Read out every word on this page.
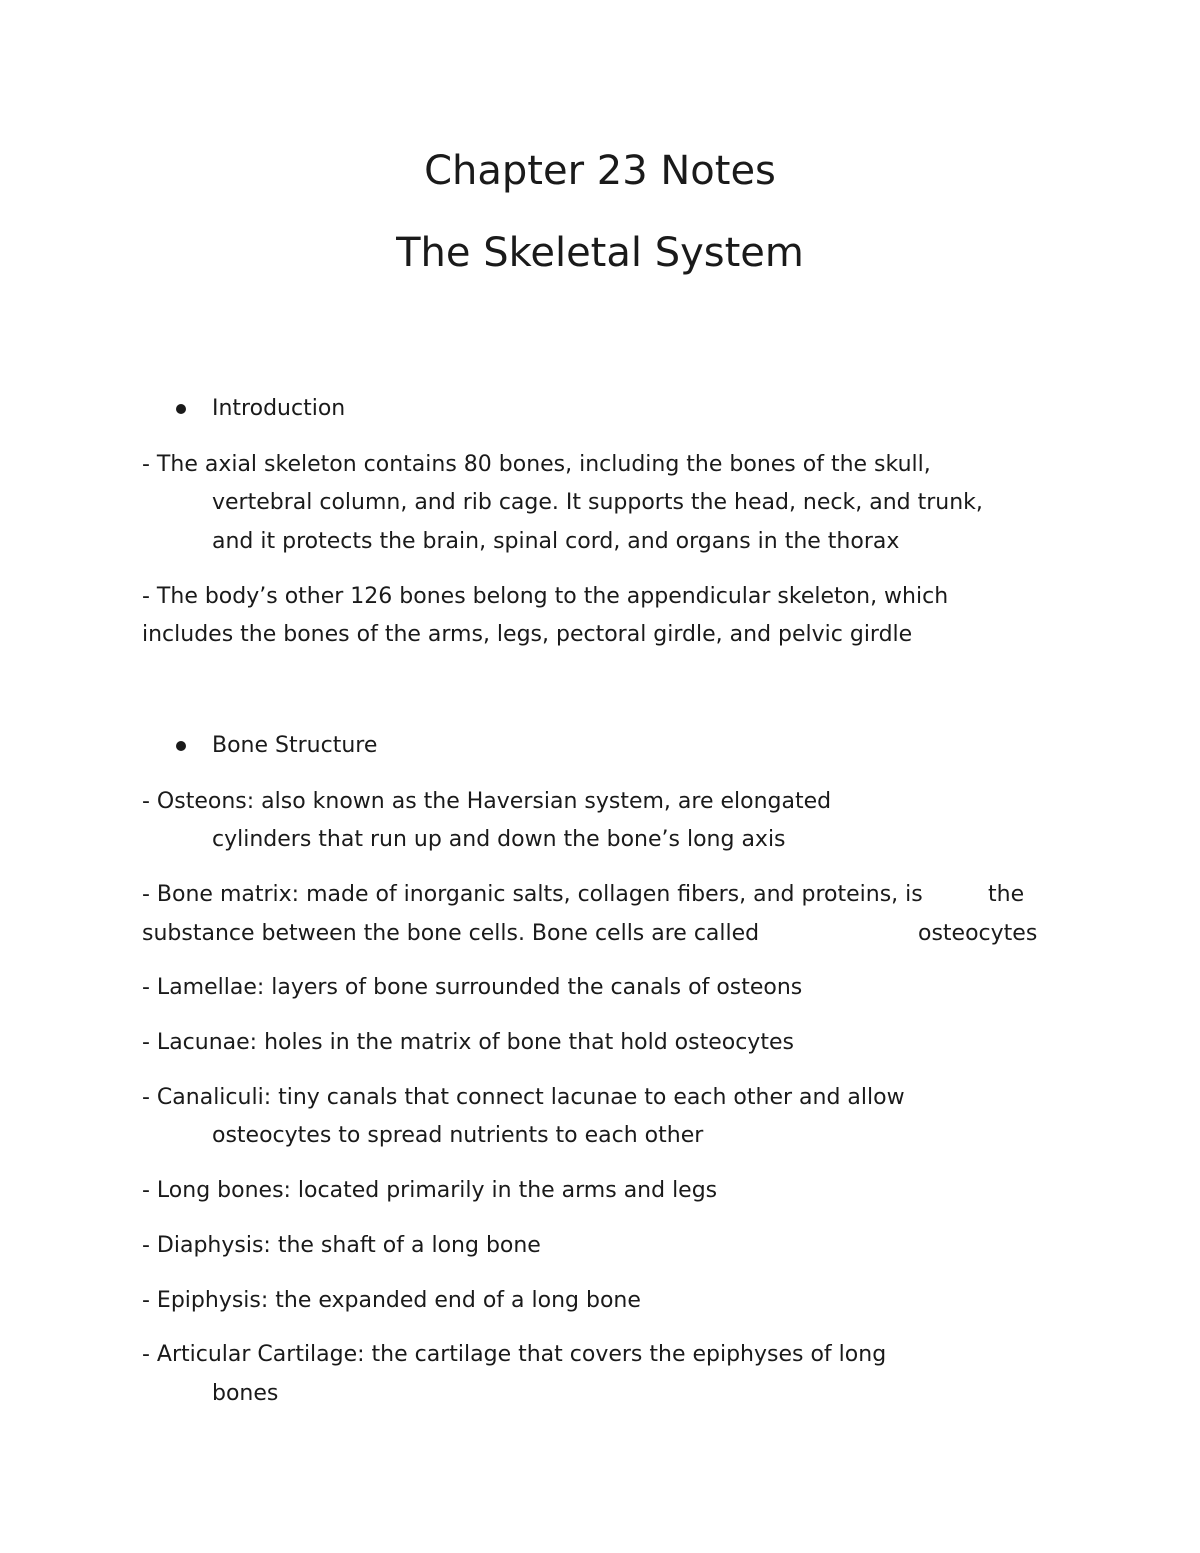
Chapter 23 Notes
The Skeletal System
Introduction

- The axial skeleton contains 80 bones, including the bones of the skull,

vertebral column, and rib cage. It supports the head, neck, and trunk,

and it protects the brain, spinal cord, and organs in the thorax

- The body’s other 126 bones belong to the appendicular skeleton, which

includes the bones of the arms, legs, pectoral girdle, and pelvic girdle

Bone Structure

- Osteons: also known as the Haversian system, are elongated

cylinders that run up and down the bone’s long axis

- Bone matrix: made of inorganic salts, collagen fibers, and proteins, is	the

substance between the bone cells. Bone cells are called	osteocytes

- Lamellae: layers of bone surrounded the canals of osteons

- Lacunae: holes in the matrix of bone that hold osteocytes

- Canaliculi: tiny canals that connect lacunae to each other and allow

osteocytes to spread nutrients to each other

- Long bones: located primarily in the arms and legs

- Diaphysis: the shaft of a long bone

- Epiphysis: the expanded end of a long bone

- Articular Cartilage: the cartilage that covers the epiphyses of long

bones
